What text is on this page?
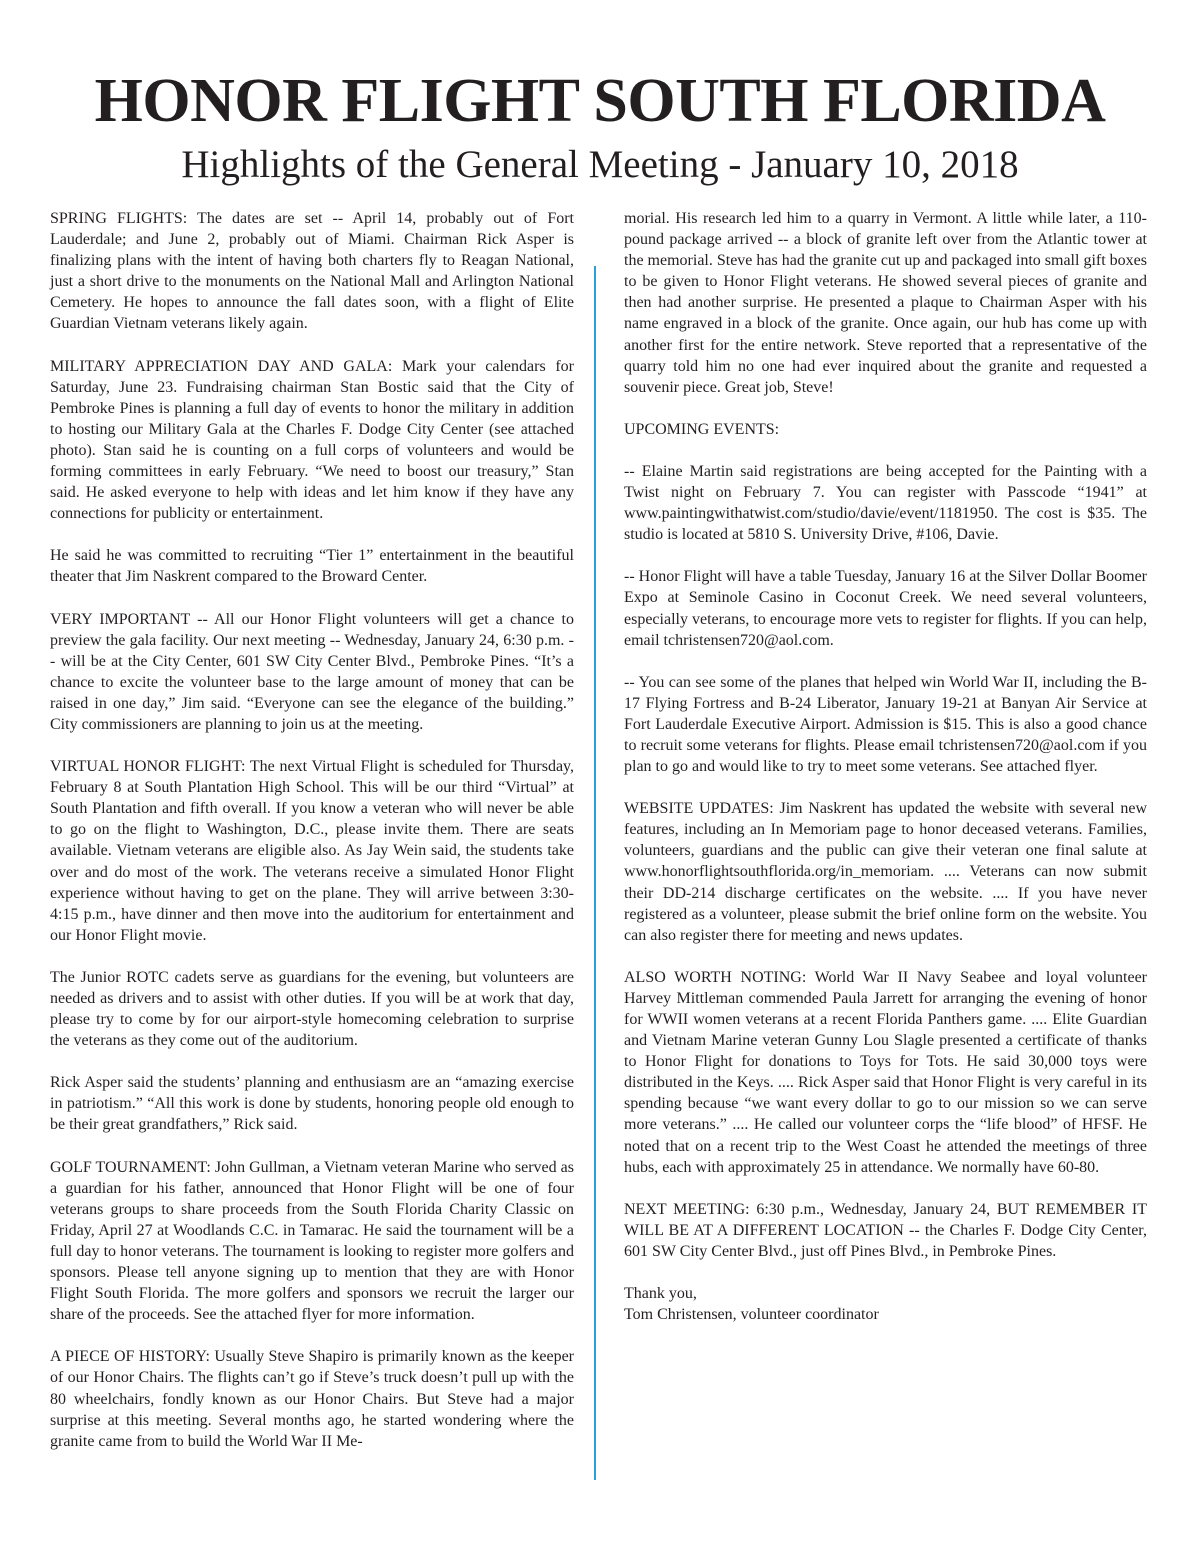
HONOR FLIGHT SOUTH FLORIDA
Highlights of the General Meeting - January 10, 2018

SPRING FLIGHTS: The dates are set -- April 14, probably out of Fort Lauderdale; and June 2, probably out of Miami. Chairman Rick Asper is finalizing plans with the intent of having both charters fly to Reagan National, just a short drive to the monuments on the National Mall and Arlington National Cemetery. He hopes to announce the fall dates soon, with a flight of Elite Guardian Vietnam veterans likely again.

MILITARY APPRECIATION DAY AND GALA: Mark your calendars for Saturday, June 23. Fundraising chairman Stan Bostic said that the City of Pembroke Pines is planning a full day of events to honor the military in addition to hosting our Military Gala at the Charles F. Dodge City Center (see attached photo). Stan said he is counting on a full corps of volunteers and would be forming committees in early February. “We need to boost our treasury,” Stan said. He asked everyone to help with ideas and let him know if they have any connections for publicity or entertainment.

He said he was committed to recruiting “Tier 1” entertainment in the beautiful theater that Jim Naskrent compared to the Broward Center.

VERY IMPORTANT -- All our Honor Flight volunteers will get a chance to preview the gala facility. Our next meeting -- Wednesday, January 24, 6:30 p.m. -- will be at the City Center, 601 SW City Center Blvd., Pembroke Pines. “It’s a chance to excite the volunteer base to the large amount of money that can be raised in one day,” Jim said. “Everyone can see the elegance of the building.” City commissioners are planning to join us at the meeting.

VIRTUAL HONOR FLIGHT: The next Virtual Flight is scheduled for Thursday, February 8 at South Plantation High School. This will be our third “Virtual” at South Plantation and fifth overall. If you know a veteran who will never be able to go on the flight to Washington, D.C., please invite them. There are seats available. Vietnam veterans are eligible also. As Jay Wein said, the students take over and do most of the work. The veterans receive a simulated Honor Flight experience without having to get on the plane. They will arrive between 3:30-4:15 p.m., have dinner and then move into the auditorium for entertainment and our Honor Flight movie.

The Junior ROTC cadets serve as guardians for the evening, but volunteers are needed as drivers and to assist with other duties. If you will be at work that day, please try to come by for our airport-style homecoming celebration to surprise the veterans as they come out of the auditorium.

Rick Asper said the students’ planning and enthusiasm are an “amazing exercise in patriotism.” “All this work is done by students, honoring people old enough to be their great grandfathers,” Rick said.

GOLF TOURNAMENT: John Gullman, a Vietnam veteran Marine who served as a guardian for his father, announced that Honor Flight will be one of four veterans groups to share proceeds from the South Florida Charity Classic on Friday, April 27 at Woodlands C.C. in Tamarac. He said the tournament will be a full day to honor veterans. The tournament is looking to register more golfers and sponsors. Please tell anyone signing up to mention that they are with Honor Flight South Florida. The more golfers and sponsors we recruit the larger our share of the proceeds. See the attached flyer for more information.

A PIECE OF HISTORY: Usually Steve Shapiro is primarily known as the keeper of our Honor Chairs. The flights can’t go if Steve’s truck doesn’t pull up with the 80 wheelchairs, fondly known as our Honor Chairs. But Steve had a major surprise at this meeting. Several months ago, he started wondering where the granite came from to build the World War II Me-

morial. His research led him to a quarry in Vermont. A little while later, a 110-pound package arrived -- a block of granite left over from the Atlantic tower at the memorial. Steve has had the granite cut up and packaged into small gift boxes to be given to Honor Flight veterans. He showed several pieces of granite and then had another surprise. He presented a plaque to Chairman Asper with his name engraved in a block of the granite. Once again, our hub has come up with another first for the entire network. Steve reported that a representative of the quarry told him no one had ever inquired about the granite and requested a souvenir piece. Great job, Steve!

UPCOMING EVENTS:

-- Elaine Martin said registrations are being accepted for the Painting with a Twist night on February 7. You can register with Passcode “1941” at www.paintingwithatwist.com/studio/davie/event/1181950. The cost is $35. The studio is located at 5810 S. University Drive, #106, Davie.

-- Honor Flight will have a table Tuesday, January 16 at the Silver Dollar Boomer Expo at Seminole Casino in Coconut Creek. We need several volunteers, especially veterans, to encourage more vets to register for flights. If you can help, email tchristensen720@aol.com.

-- You can see some of the planes that helped win World War II, including the B-17 Flying Fortress and B-24 Liberator, January 19-21 at Banyan Air Service at Fort Lauderdale Executive Airport. Admission is $15. This is also a good chance to recruit some veterans for flights. Please email tchristensen720@aol.com if you plan to go and would like to try to meet some veterans. See attached flyer.

WEBSITE UPDATES: Jim Naskrent has updated the website with several new features, including an In Memoriam page to honor deceased veterans. Families, volunteers, guardians and the public can give their veteran one final salute at www.honorflightsouthflorida.org/in_memoriam. .... Veterans can now submit their DD-214 discharge certificates on the website. .... If you have never registered as a volunteer, please submit the brief online form on the website. You can also register there for meeting and news updates.

ALSO WORTH NOTING: World War II Navy Seabee and loyal volunteer Harvey Mittleman commended Paula Jarrett for arranging the evening of honor for WWII women veterans at a recent Florida Panthers game. .... Elite Guardian and Vietnam Marine veteran Gunny Lou Slagle presented a certificate of thanks to Honor Flight for donations to Toys for Tots. He said 30,000 toys were distributed in the Keys. .... Rick Asper said that Honor Flight is very careful in its spending because “we want every dollar to go to our mission so we can serve more veterans.” .... He called our volunteer corps the “life blood” of HFSF. He noted that on a recent trip to the West Coast he attended the meetings of three hubs, each with approximately 25 in attendance. We normally have 60-80.

NEXT MEETING: 6:30 p.m., Wednesday, January 24, BUT REMEMBER IT WILL BE AT A DIFFERENT LOCATION -- the Charles F. Dodge City Center, 601 SW City Center Blvd., just off Pines Blvd., in Pembroke Pines.

Thank you,
Tom Christensen, volunteer coordinator
